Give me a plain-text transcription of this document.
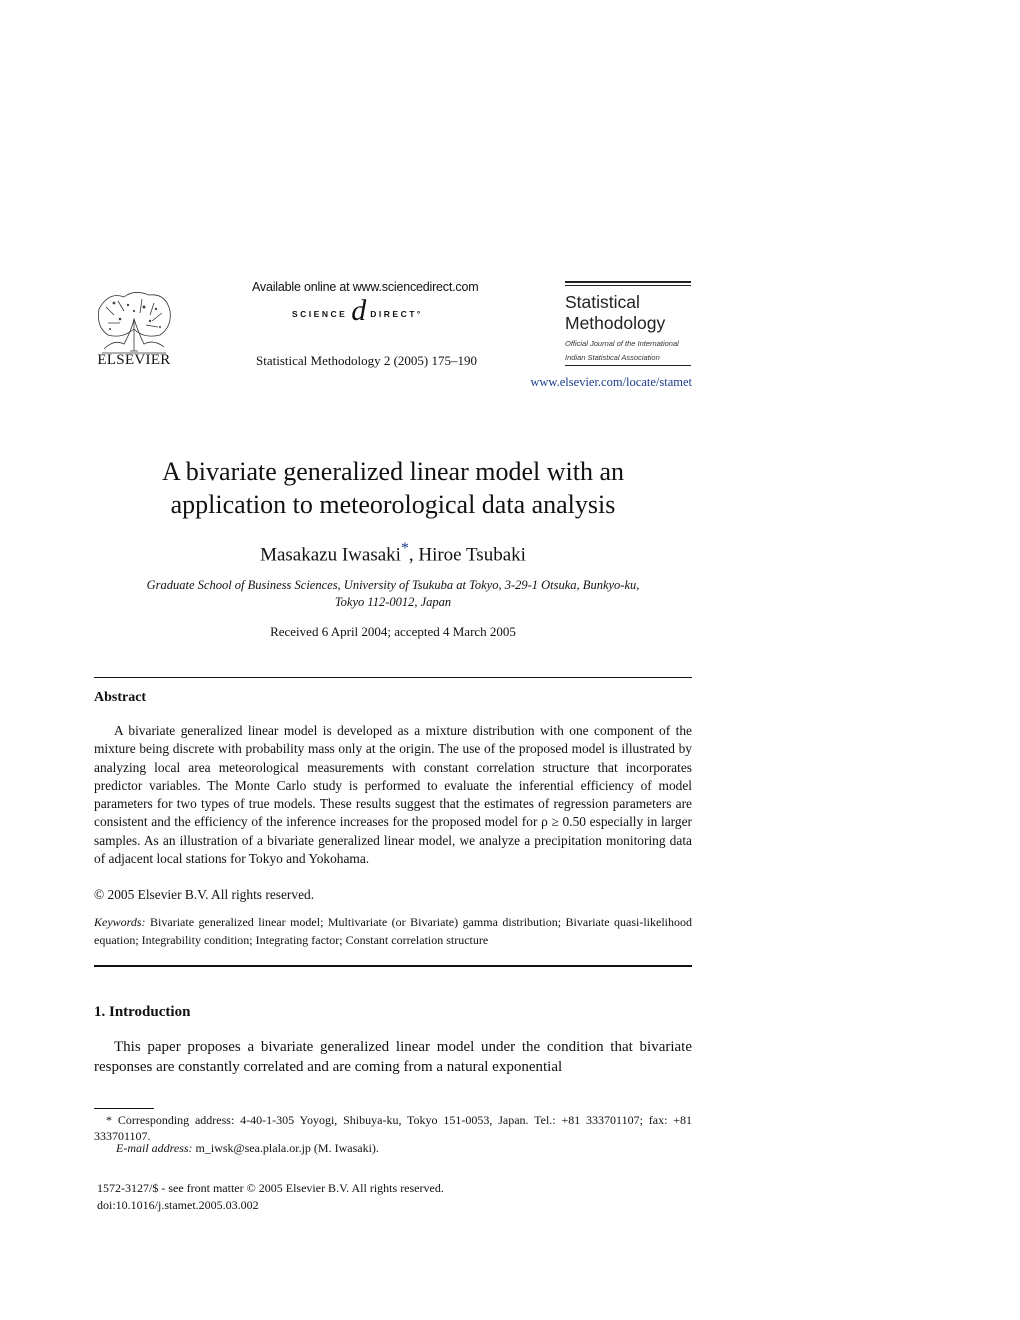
ELSEVIER
Available online at www.sciencedirect.com
SCIENCE d DIRECT°
Statistical Methodology 2 (2005) 175–190
Statistical
Methodology
Official Journal of the International
Indian Statistical Association
www.elsevier.com/locate/stamet
A bivariate generalized linear model with an
application to meteorological data analysis
Masakazu Iwasaki*, Hiroe Tsubaki
Graduate School of Business Sciences, University of Tsukuba at Tokyo, 3-29-1 Otsuka, Bunkyo-ku,
Tokyo 112-0012, Japan
Received 6 April 2004; accepted 4 March 2005
Abstract
A bivariate generalized linear model is developed as a mixture distribution with one component of the mixture being discrete with probability mass only at the origin. The use of the proposed model is illustrated by analyzing local area meteorological measurements with constant correlation structure that incorporates predictor variables. The Monte Carlo study is performed to evaluate the inferential efficiency of model parameters for two types of true models. These results suggest that the estimates of regression parameters are consistent and the efficiency of the inference increases for the proposed model for ρ ≥ 0.50 especially in larger samples. As an illustration of a bivariate generalized linear model, we analyze a precipitation monitoring data of adjacent local stations for Tokyo and Yokohama.
© 2005 Elsevier B.V. All rights reserved.
Keywords: Bivariate generalized linear model; Multivariate (or Bivariate) gamma distribution; Bivariate quasi-likelihood equation; Integrability condition; Integrating factor; Constant correlation structure
1. Introduction
This paper proposes a bivariate generalized linear model under the condition that bivariate responses are constantly correlated and are coming from a natural exponential
* Corresponding address: 4-40-1-305 Yoyogi, Shibuya-ku, Tokyo 151-0053, Japan. Tel.: +81 333701107; fax: +81 333701107.
E-mail address: m_iwsk@sea.plala.or.jp (M. Iwasaki).
1572-3127/$ - see front matter © 2005 Elsevier B.V. All rights reserved.
doi:10.1016/j.stamet.2005.03.002
